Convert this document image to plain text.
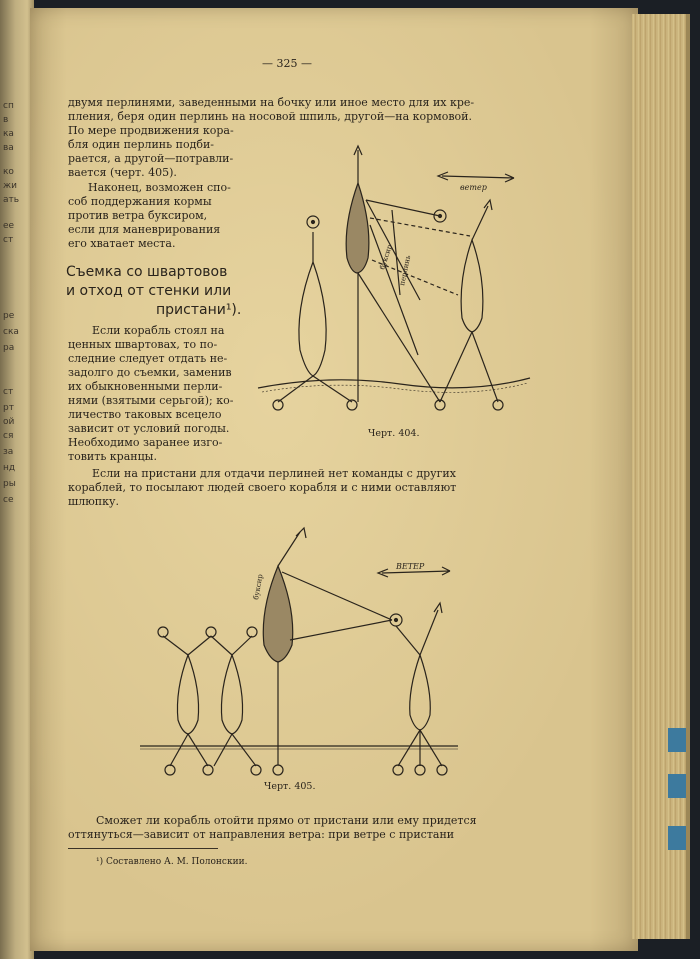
сп
в
ка
ва
ко
жи
ать
ее
ст
ре
ска
ра
ст
рт
ой
ся
за
нд
ры
се
— 325 —
двумя перлинями, заведенными на бочку или иное место для их кре-
пления, беря один перлинь на носовой шпиль, другой—на кормовой.
По мере продвижения кора-
бля один перлинь подби-
рается, а другой—потравли-
вается (черт. 405).
Наконец, возможен спо-
соб поддержания кормы
против ветра буксиром,
если для маневрирования
его хватает места.
Съемка со швартовов
и отход от стенки или
пристани¹).
Если корабль стоял на
ценных швартовах, то по-
следние следует отдать не-
задолго до съемки, заменив
их обыкновенными перли-
нями (взятыми серьгой); ко-
личество таковых всецело
зависит от условий погоды.
Необходимо заранее изго-
товить кранцы.
Если на пристани для отдачи перлиней нет команды с других
кораблей, то посылают людей своего корабля и с ними оставляют
шлюпку.
ветер
буксир перлинь
Черт. 404.
ВЕТЕР
буксир
Черт. 405.
Сможет ли корабль отойти прямо от пристани или ему придется
оттянуться—зависит от направления ветра: при ветре с пристани
¹) Составлено А. М. Полонскии.
